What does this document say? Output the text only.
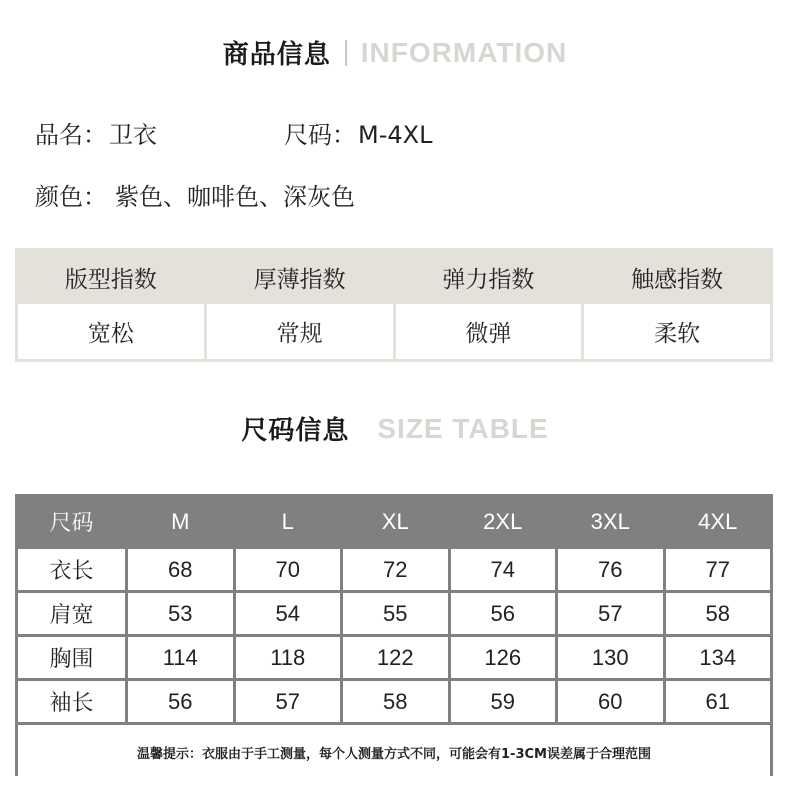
商品信息 INFORMATION
品名：卫衣	尺码：M-4XL
颜色： 紫色、咖啡色、深灰色
版型指数	厚薄指数	弹力指数	触感指数
宽松	常规	微弹	柔软
尺码信息 SIZE TABLE
尺码	M	L	XL	2XL	3XL	4XL
衣长	68	70	72	74	76	77
肩宽	53	54	55	56	57	58
胸围	114	118	122	126	130	134
袖长	56	57	58	59	60	61
温馨提示：衣服由于手工测量，每个人测量方式不同，可能会有1-3CM误差属于合理范围
